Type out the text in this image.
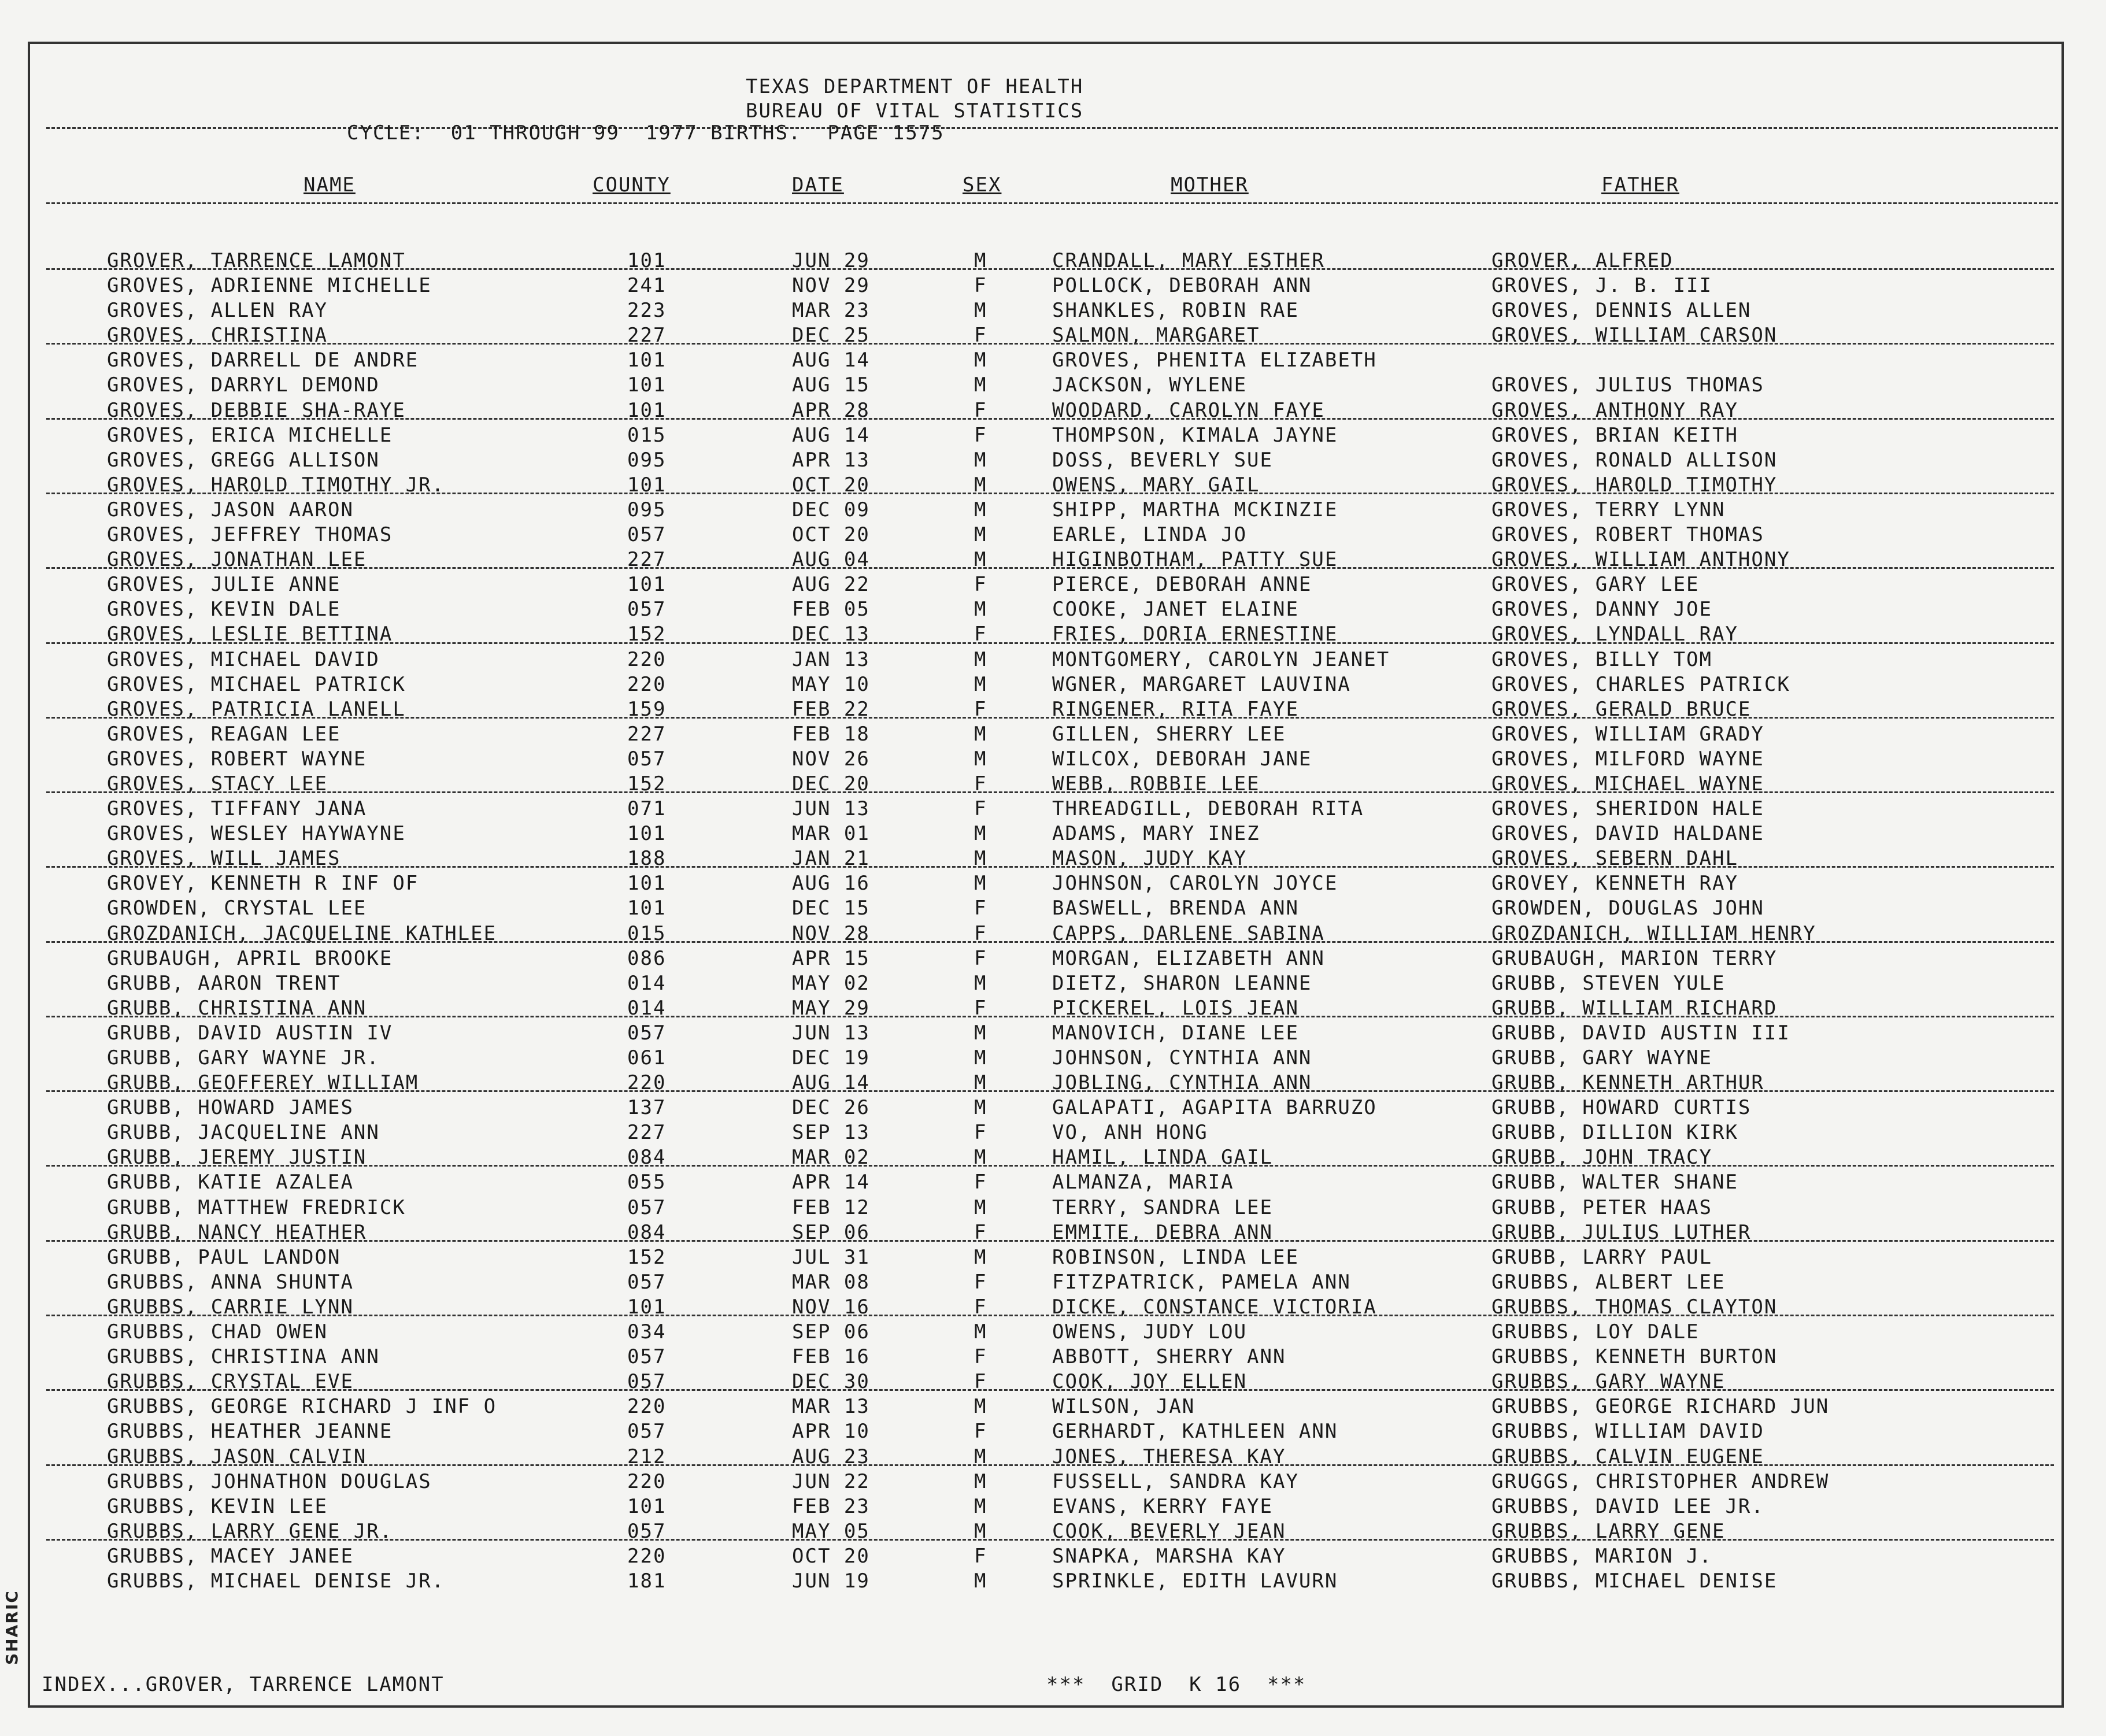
SHARIC
TEXAS DEPARTMENT OF HEALTH
BUREAU OF VITAL STATISTICS
CYCLE:  01 THROUGH 99  1977 BIRTHS.  PAGE 1575
NAME	COUNTY	DATE	SEX	MOTHER	FATHER
GROVER, TARRENCE LAMONT	101	JUN 29	M	CRANDALL, MARY ESTHER	GROVER, ALFRED
GROVES, ADRIENNE MICHELLE	241	NOV 29	F	POLLOCK, DEBORAH ANN	GROVES, J. B. III
GROVES, ALLEN RAY	223	MAR 23	M	SHANKLES, ROBIN RAE	GROVES, DENNIS ALLEN
GROVES, CHRISTINA	227	DEC 25	F	SALMON, MARGARET	GROVES, WILLIAM CARSON
GROVES, DARRELL DE ANDRE	101	AUG 14	M	GROVES, PHENITA ELIZABETH
GROVES, DARRYL DEMOND	101	AUG 15	M	JACKSON, WYLENE	GROVES, JULIUS THOMAS
GROVES, DEBBIE SHA-RAYE	101	APR 28	F	WOODARD, CAROLYN FAYE	GROVES, ANTHONY RAY
GROVES, ERICA MICHELLE	015	AUG 14	F	THOMPSON, KIMALA JAYNE	GROVES, BRIAN KEITH
GROVES, GREGG ALLISON	095	APR 13	M	DOSS, BEVERLY SUE	GROVES, RONALD ALLISON
GROVES, HAROLD TIMOTHY JR.	101	OCT 20	M	OWENS, MARY GAIL	GROVES, HAROLD TIMOTHY
GROVES, JASON AARON	095	DEC 09	M	SHIPP, MARTHA MCKINZIE	GROVES, TERRY LYNN
GROVES, JEFFREY THOMAS	057	OCT 20	M	EARLE, LINDA JO	GROVES, ROBERT THOMAS
GROVES, JONATHAN LEE	227	AUG 04	M	HIGINBOTHAM, PATTY SUE	GROVES, WILLIAM ANTHONY
GROVES, JULIE ANNE	101	AUG 22	F	PIERCE, DEBORAH ANNE	GROVES, GARY LEE
GROVES, KEVIN DALE	057	FEB 05	M	COOKE, JANET ELAINE	GROVES, DANNY JOE
GROVES, LESLIE BETTINA	152	DEC 13	F	FRIES, DORIA ERNESTINE	GROVES, LYNDALL RAY
GROVES, MICHAEL DAVID	220	JAN 13	M	MONTGOMERY, CAROLYN JEANET	GROVES, BILLY TOM
GROVES, MICHAEL PATRICK	220	MAY 10	M	WGNER, MARGARET LAUVINA	GROVES, CHARLES PATRICK
GROVES, PATRICIA LANELL	159	FEB 22	F	RINGENER, RITA FAYE	GROVES, GERALD BRUCE
GROVES, REAGAN LEE	227	FEB 18	M	GILLEN, SHERRY LEE	GROVES, WILLIAM GRADY
GROVES, ROBERT WAYNE	057	NOV 26	M	WILCOX, DEBORAH JANE	GROVES, MILFORD WAYNE
GROVES, STACY LEE	152	DEC 20	F	WEBB, ROBBIE LEE	GROVES, MICHAEL WAYNE
GROVES, TIFFANY JANA	071	JUN 13	F	THREADGILL, DEBORAH RITA	GROVES, SHERIDON HALE
GROVES, WESLEY HAYWAYNE	101	MAR 01	M	ADAMS, MARY INEZ	GROVES, DAVID HALDANE
GROVES, WILL JAMES	188	JAN 21	M	MASON, JUDY KAY	GROVES, SEBERN DAHL
GROVEY, KENNETH R INF OF	101	AUG 16	M	JOHNSON, CAROLYN JOYCE	GROVEY, KENNETH RAY
GROWDEN, CRYSTAL LEE	101	DEC 15	F	BASWELL, BRENDA ANN	GROWDEN, DOUGLAS JOHN
GROZDANICH, JACQUELINE KATHLEE	015	NOV 28	F	CAPPS, DARLENE SABINA	GROZDANICH, WILLIAM HENRY
GRUBAUGH, APRIL BROOKE	086	APR 15	F	MORGAN, ELIZABETH ANN	GRUBAUGH, MARION TERRY
GRUBB, AARON TRENT	014	MAY 02	M	DIETZ, SHARON LEANNE	GRUBB, STEVEN YULE
GRUBB, CHRISTINA ANN	014	MAY 29	F	PICKEREL, LOIS JEAN	GRUBB, WILLIAM RICHARD
GRUBB, DAVID AUSTIN IV	057	JUN 13	M	MANOVICH, DIANE LEE	GRUBB, DAVID AUSTIN III
GRUBB, GARY WAYNE JR.	061	DEC 19	M	JOHNSON, CYNTHIA ANN	GRUBB, GARY WAYNE
GRUBB, GEOFFEREY WILLIAM	220	AUG 14	M	JOBLING, CYNTHIA ANN	GRUBB, KENNETH ARTHUR
GRUBB, HOWARD JAMES	137	DEC 26	M	GALAPATI, AGAPITA BARRUZO	GRUBB, HOWARD CURTIS
GRUBB, JACQUELINE ANN	227	SEP 13	F	VO, ANH HONG	GRUBB, DILLION KIRK
GRUBB, JEREMY JUSTIN	084	MAR 02	M	HAMIL, LINDA GAIL	GRUBB, JOHN TRACY
GRUBB, KATIE AZALEA	055	APR 14	F	ALMANZA, MARIA	GRUBB, WALTER SHANE
GRUBB, MATTHEW FREDRICK	057	FEB 12	M	TERRY, SANDRA LEE	GRUBB, PETER HAAS
GRUBB, NANCY HEATHER	084	SEP 06	F	EMMITE, DEBRA ANN	GRUBB, JULIUS LUTHER
GRUBB, PAUL LANDON	152	JUL 31	M	ROBINSON, LINDA LEE	GRUBB, LARRY PAUL
GRUBBS, ANNA SHUNTA	057	MAR 08	F	FITZPATRICK, PAMELA ANN	GRUBBS, ALBERT LEE
GRUBBS, CARRIE LYNN	101	NOV 16	F	DICKE, CONSTANCE VICTORIA	GRUBBS, THOMAS CLAYTON
GRUBBS, CHAD OWEN	034	SEP 06	M	OWENS, JUDY LOU	GRUBBS, LOY DALE
GRUBBS, CHRISTINA ANN	057	FEB 16	F	ABBOTT, SHERRY ANN	GRUBBS, KENNETH BURTON
GRUBBS, CRYSTAL EVE	057	DEC 30	F	COOK, JOY ELLEN	GRUBBS, GARY WAYNE
GRUBBS, GEORGE RICHARD J INF O	220	MAR 13	M	WILSON, JAN	GRUBBS, GEORGE RICHARD JUN
GRUBBS, HEATHER JEANNE	057	APR 10	F	GERHARDT, KATHLEEN ANN	GRUBBS, WILLIAM DAVID
GRUBBS, JASON CALVIN	212	AUG 23	M	JONES, THERESA KAY	GRUBBS, CALVIN EUGENE
GRUBBS, JOHNATHON DOUGLAS	220	JUN 22	M	FUSSELL, SANDRA KAY	GRUGGS, CHRISTOPHER ANDREW
GRUBBS, KEVIN LEE	101	FEB 23	M	EVANS, KERRY FAYE	GRUBBS, DAVID LEE JR.
GRUBBS, LARRY GENE JR.	057	MAY 05	M	COOK, BEVERLY JEAN	GRUBBS, LARRY GENE
GRUBBS, MACEY JANEE	220	OCT 20	F	SNAPKA, MARSHA KAY	GRUBBS, MARION J.
GRUBBS, MICHAEL DENISE JR.	181	JUN 19	M	SPRINKLE, EDITH LAVURN	GRUBBS, MICHAEL DENISE
INDEX...GROVER, TARRENCE LAMONT	***  GRID  K 16  ***
